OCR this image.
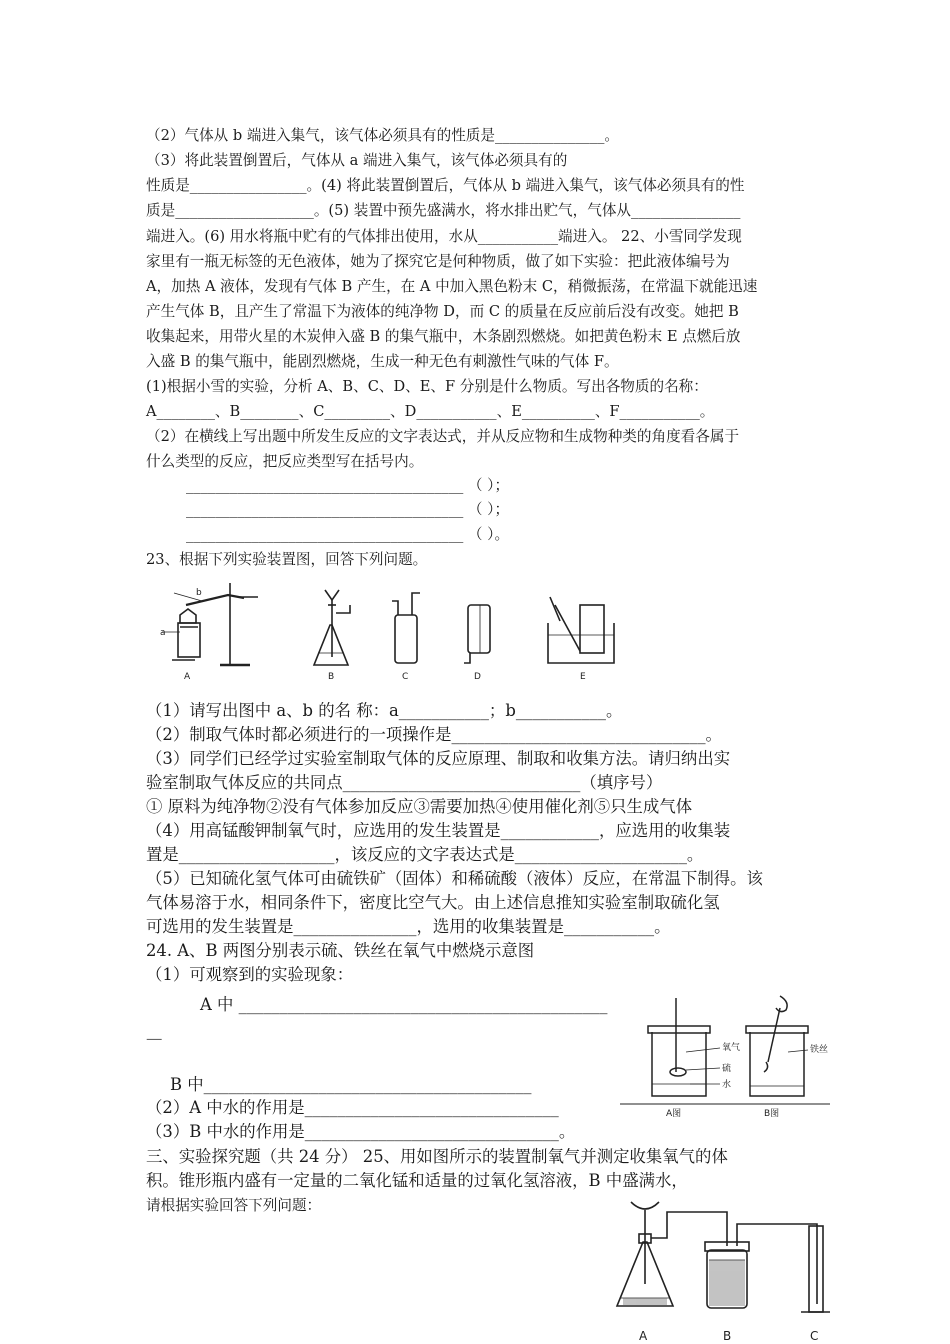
（2）气体从 b 端进入集气，该气体必须具有的性质是_______________。
（3）将此装置倒置后，气体从 a 端进入集气，该气体必须具有的
性质是________________。(4) 将此装置倒置后，气体从 b 端进入集气，该气体必须具有的性
质是___________________。(5) 装置中预先盛满水，将水排出贮气，气体从_______________
端进入。(6) 用水将瓶中贮有的气体排出使用，水从___________端进入。 22、小雪同学发现
家里有一瓶无标签的无色液体，她为了探究它是何种物质，做了如下实验：把此液体编号为
A，加热 A 液体，发现有气体 B 产生，在 A 中加入黑色粉末 C，稍微振荡，在常温下就能迅速
产生气体 B，且产生了常温下为液体的纯净物 D，而 C 的质量在反应前后没有改变。她把 B
收集起来，用带火星的木炭伸入盛 B 的集气瓶中，木条剧烈燃烧。如把黄色粉末 E 点燃后放
入盛 B 的集气瓶中，能剧烈燃烧，生成一种无色有刺激性气味的气体 F。
(1)根据小雪的实验，分析 A、B、C、D、E、F 分别是什么物质。写出各物质的名称：
A________、B________、C_________、D___________、E__________、F___________。
（2）在横线上写出题中所发生反应的文字表达式，并从反应物和生成物种类的角度看各属于
什么类型的反应，把反应类型写在括号内。
______________________________________ （ ）；
______________________________________ （ ）；
______________________________________ （ ）。
23、根据下列实验装置图，回答下列问题。
a
b
A	B	C	D	E
（1）请写出图中 a、b 的名 称：a___________；b___________。
（2）制取气体时都必须进行的一项操作是_______________________________。
（3）同学们已经学过实验室制取气体的反应原理、制取和收集方法。请归纳出实
验室制取气体反应的共同点_____________________________（填序号）
① 原料为纯净物②没有气体参加反应③需要加热④使用催化剂⑤只生成气体
（4）用高锰酸钾制氧气时，应选用的发生装置是____________，应选用的收集装
置是___________________，该反应的文字表达式是_____________________。
（5）已知硫化氢气体可由硫铁矿（固体）和稀硫酸（液体）反应，在常温下制得。该
气体易溶于水，相同条件下，密度比空气大。由上述信息推知实验室制取硫化氢
可选用的发生装置是_______________，选用的收集装置是___________。
24. A、B 两图分别表示硫、铁丝在氧气中燃烧示意图
（1）可观察到的实验现象：
A 中 _____________________________________________
—
B 中________________________________________
（2）A 中水的作用是_______________________________
（3）B 中水的作用是_______________________________。
氧气
硫
水
铁丝
A图	B图
三、实验探究题（共 24 分） 25、用如图所示的装置制氧气并测定收集氧气的体
积。锥形瓶内盛有一定量的二氧化锰和适量的过氧化氢溶液，B 中盛满水，
请根据实验回答下列问题：
A	B	C
